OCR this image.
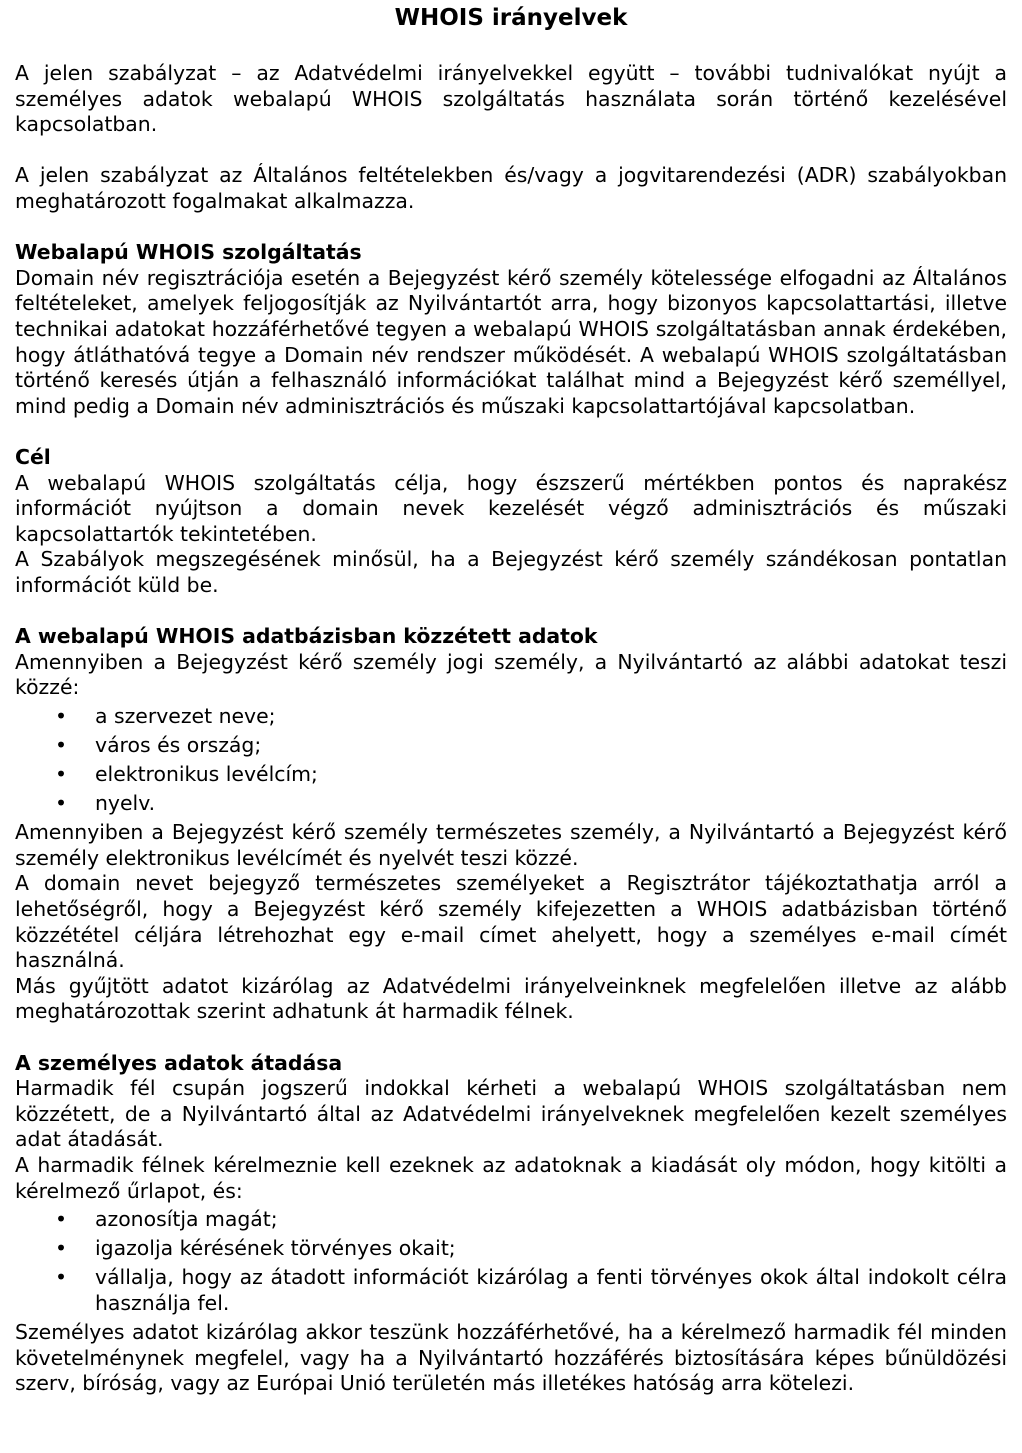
WHOIS irányelvek

A jelen szabályzat – az Adatvédelmi irányelvekkel együtt – további tudnivalókat nyújt a személyes adatok webalapú WHOIS szolgáltatás használata során történő kezelésével kapcsolatban.

A jelen szabályzat az Általános feltételekben és/vagy a jogvitarendezési (ADR) szabályokban meghatározott fogalmakat alkalmazza.

Webalapú WHOIS szolgáltatás

Domain név regisztrációja esetén a Bejegyzést kérő személy kötelessége elfogadni az Általános feltételeket, amelyek feljogosítják az Nyilvántartót arra, hogy bizonyos kapcsolattartási, illetve technikai adatokat hozzáférhetővé tegyen a webalapú WHOIS szolgáltatásban annak érdekében, hogy átláthatóvá tegye a Domain név rendszer működését. A webalapú WHOIS szolgáltatásban történő keresés útján a felhasználó információkat találhat mind a Bejegyzést kérő személlyel, mind pedig a Domain név adminisztrációs és műszaki kapcsolattartójával kapcsolatban.

Cél

A webalapú WHOIS szolgáltatás célja, hogy észszerű mértékben pontos és naprakész információt nyújtson a domain nevek kezelését végző adminisztrációs és műszaki kapcsolattartók tekintetében.

A Szabályok megszegésének minősül, ha a Bejegyzést kérő személy szándékosan pontatlan információt küld be.

A webalapú WHOIS adatbázisban közzétett adatok

Amennyiben a Bejegyzést kérő személy jogi személy, a Nyilvántartó az alábbi adatokat teszi közzé:

•	a szervezet neve;
•	város és ország;
•	elektronikus levélcím;
•	nyelv.

Amennyiben a Bejegyzést kérő személy természetes személy, a Nyilvántartó a Bejegyzést kérő személy elektronikus levélcímét és nyelvét teszi közzé.

A domain nevet bejegyző természetes személyeket a Regisztrátor tájékoztathatja arról a lehetőségről, hogy a Bejegyzést kérő személy kifejezetten a WHOIS adatbázisban történő közzététel céljára létrehozhat egy e-mail címet ahelyett, hogy a személyes e-mail címét használná.

Más gyűjtött adatot kizárólag az Adatvédelmi irányelveinknek megfelelően illetve az alább meghatározottak szerint adhatunk át harmadik félnek.

A személyes adatok átadása

Harmadik fél csupán jogszerű indokkal kérheti a webalapú WHOIS szolgáltatásban nem közzétett, de a Nyilvántartó által az Adatvédelmi irányelveknek megfelelően kezelt személyes adat átadását.

A harmadik félnek kérelmeznie kell ezeknek az adatoknak a kiadását oly módon, hogy kitölti a kérelmező űrlapot, és:

•	azonosítja magát;
•	igazolja kérésének törvényes okait;
•	vállalja, hogy az átadott információt kizárólag a fenti törvényes okok által indokolt célra használja fel.

Személyes adatot kizárólag akkor teszünk hozzáférhetővé, ha a kérelmező harmadik fél minden követelménynek megfelel, vagy ha a Nyilvántartó hozzáférés biztosítására képes bűnüldözési szerv, bíróság, vagy az Európai Unió területén más illetékes hatóság arra kötelezi.
